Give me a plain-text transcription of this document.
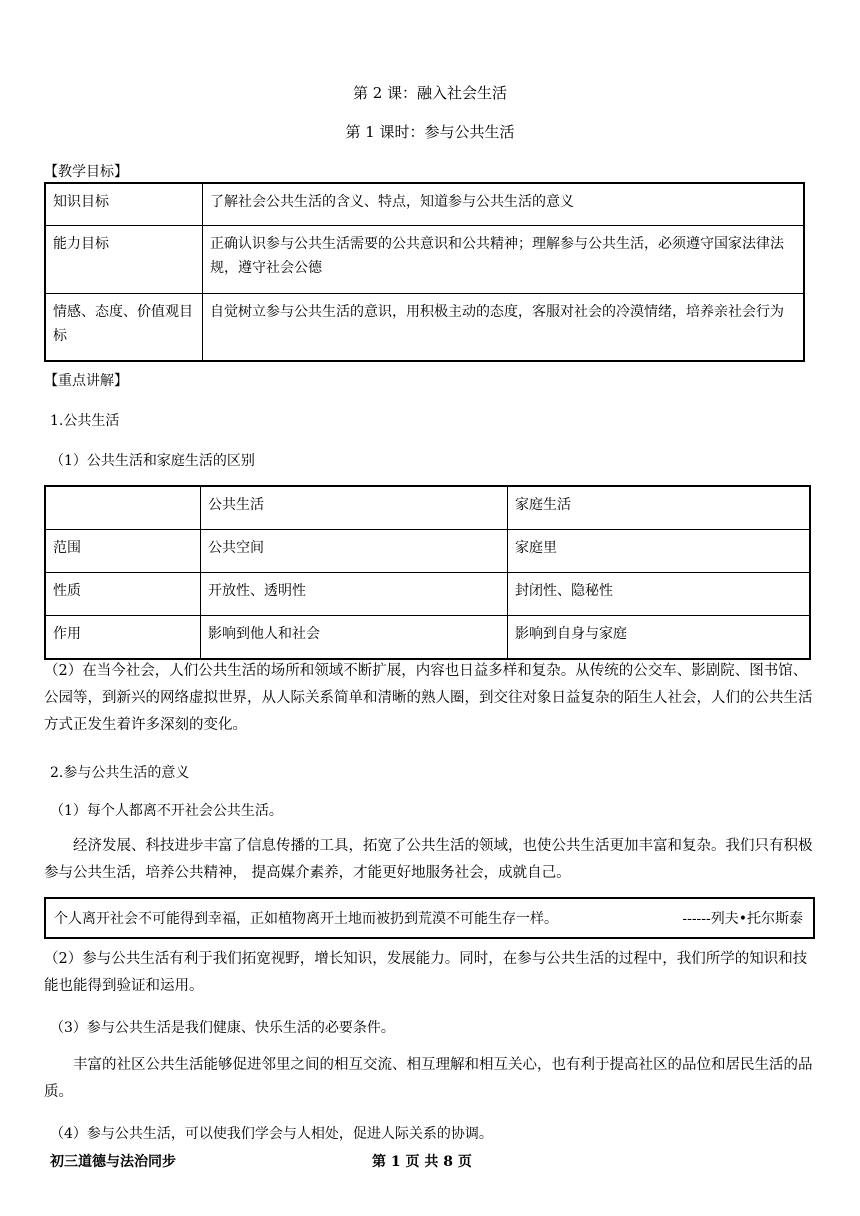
第 2 课：融入社会生活
第 1 课时：参与公共生活
【教学目标】
知识目标	了解社会公共生活的含义、特点，知道参与公共生活的意义
能力目标	正确认识参与公共生活需要的公共意识和公共精神；理解参与公共生活，必须遵守国家法律法规，遵守社会公德
情感、态度、价值观目标	自觉树立参与公共生活的意识，用积极主动的态度，客服对社会的冷漠情绪，培养亲社会行为
【重点讲解】
1.公共生活
（1）公共生活和家庭生活的区别
	公共生活	家庭生活
范围	公共空间	家庭里
性质	开放性、透明性	封闭性、隐秘性
作用	影响到他人和社会	影响到自身与家庭
（2）在当今社会，人们公共生活的场所和领域不断扩展，内容也日益多样和复杂。从传统的公交车、影剧院、图书馆、公园等，到新兴的网络虚拟世界，从人际关系简单和清晰的熟人圈，到交往对象日益复杂的陌生人社会，人们的公共生活方式正发生着许多深刻的变化。
2.参与公共生活的意义
（1）每个人都离不开社会公共生活。
经济发展、科技进步丰富了信息传播的工具，拓宽了公共生活的领域，也使公共生活更加丰富和复杂。我们只有积极参与公共生活，培养公共精神， 提高媒介素养，才能更好地服务社会，成就自己。
个人离开社会不可能得到幸福，正如植物离开土地而被扔到荒漠不可能生存一样。	------列夫•托尔斯泰
（2）参与公共生活有利于我们拓宽视野，增长知识，发展能力。同时，在参与公共生活的过程中，我们所学的知识和技能也能得到验证和运用。
（3）参与公共生活是我们健康、快乐生活的必要条件。
丰富的社区公共生活能够促进邻里之间的相互交流、相互理解和相互关心，也有利于提高社区的品位和居民生活的品质。
（4）参与公共生活，可以使我们学会与人相处，促进人际关系的协调。
初三道德与法治同步	第 1 页 共 8 页
